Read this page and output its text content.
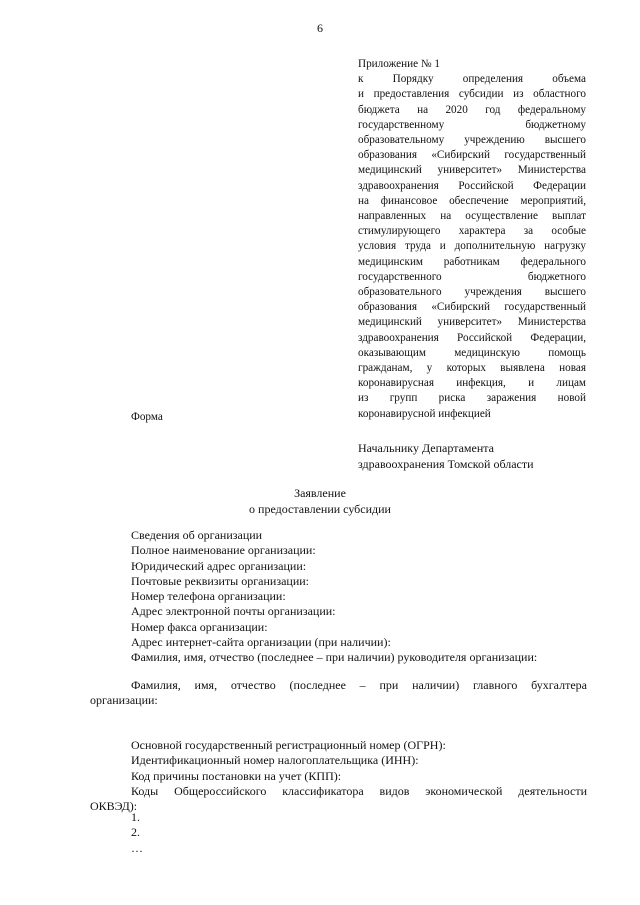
6
Приложение № 1
к Порядку определения объема
и предоставления субсидии из областного
бюджета на 2020 год федеральному
государственному бюджетному
образовательному учреждению высшего
образования «Сибирский государственный
медицинский университет» Министерства
здравоохранения Российской Федерации
на финансовое обеспечение мероприятий,
направленных на осуществление выплат
стимулирующего характера за особые
условия труда и дополнительную нагрузку
медицинским работникам федерального
государственного бюджетного
образовательного учреждения высшего
образования «Сибирский государственный
медицинский университет» Министерства
здравоохранения Российской Федерации,
оказывающим медицинскую помощь
гражданам, у которых выявлена новая
коронавирусная инфекция, и лицам
из групп риска заражения новой
коронавирусной инфекцией
Форма
Начальнику Департамента
здравоохранения Томской области
Заявление
о предоставлении субсидии
Сведения об организации
Полное наименование организации:
Юридический адрес организации:
Почтовые реквизиты организации:
Номер телефона организации:
Адрес электронной почты организации:
Номер факса организации:
Адрес интернет-сайта организации (при наличии):
Фамилия, имя, отчество (последнее – при наличии) руководителя организации:
Фамилия, имя, отчество (последнее – при наличии) главного бухгалтера
организации:
Основной государственный регистрационный номер (ОГРН):
Идентификационный номер налогоплательщика (ИНН):
Код причины постановки на учет (КПП):
Коды Общероссийского классификатора видов экономической деятельности
ОКВЭД):
1.
2.
…
